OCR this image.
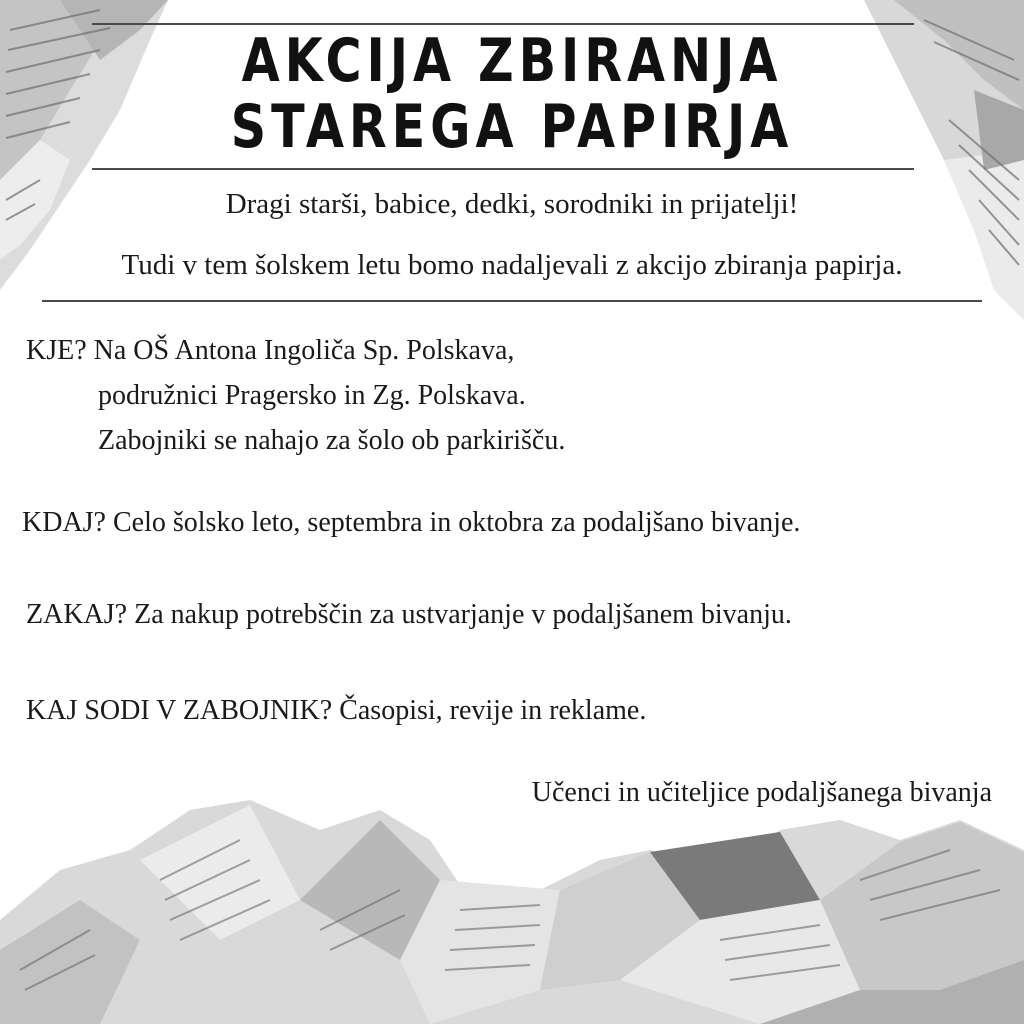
AKCIJA ZBIRANJA
STAREGA PAPIRJA
Dragi starši, babice, dedki, sorodniki in prijatelji!
Tudi v tem šolskem letu bomo nadaljevali z akcijo zbiranja papirja.
KJE? Na OŠ Antona Ingoliča Sp. Polskava,
podružnici Pragersko in Zg. Polskava.
Zabojniki se nahajo za šolo ob parkirišču.
KDAJ? Celo šolsko leto, septembra in oktobra za podaljšano bivanje.
ZAKAJ? Za nakup potrebščin za ustvarjanje v podaljšanem bivanju.
KAJ SODI V ZABOJNIK? Časopisi, revije in reklame.
Učenci in učiteljice podaljšanega bivanja
